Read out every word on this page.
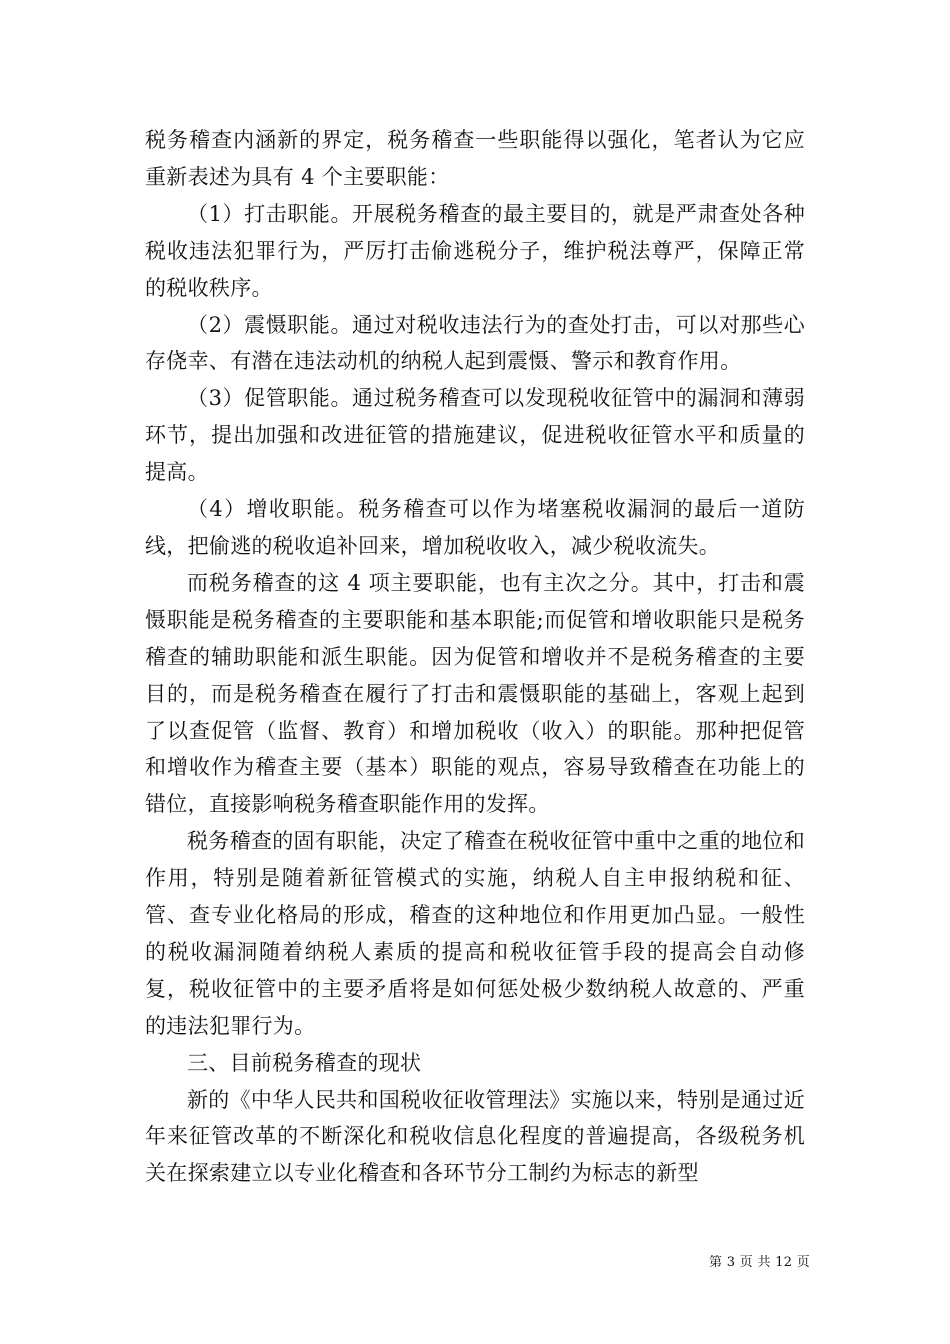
税务稽查内涵新的界定，税务稽查一些职能得以强化，笔者认为它应重新表述为具有 4 个主要职能：

（1）打击职能。开展税务稽查的最主要目的，就是严肃查处各种税收违法犯罪行为，严厉打击偷逃税分子，维护税法尊严，保障正常的税收秩序。

（2）震慑职能。通过对税收违法行为的查处打击，可以对那些心存侥幸、有潜在违法动机的纳税人起到震慑、警示和教育作用。

（3）促管职能。通过税务稽查可以发现税收征管中的漏洞和薄弱环节，提出加强和改进征管的措施建议，促进税收征管水平和质量的提高。

（4）增收职能。税务稽查可以作为堵塞税收漏洞的最后一道防线，把偷逃的税收追补回来，增加税收收入，减少税收流失。

而税务稽查的这 4 项主要职能，也有主次之分。其中，打击和震慑职能是税务稽查的主要职能和基本职能;而促管和增收职能只是税务稽查的辅助职能和派生职能。因为促管和增收并不是税务稽查的主要目的，而是税务稽查在履行了打击和震慑职能的基础上，客观上起到了以查促管（监督、教育）和增加税收（收入）的职能。那种把促管和增收作为稽查主要（基本）职能的观点，容易导致稽查在功能上的错位，直接影响税务稽查职能作用的发挥。

税务稽查的固有职能，决定了稽查在税收征管中重中之重的地位和作用，特别是随着新征管模式的实施，纳税人自主申报纳税和征、管、查专业化格局的形成，稽查的这种地位和作用更加凸显。一般性的税收漏洞随着纳税人素质的提高和税收征管手段的提高会自动修复，税收征管中的主要矛盾将是如何惩处极少数纳税人故意的、严重的违法犯罪行为。

三、目前税务稽查的现状

新的《中华人民共和国税收征收管理法》实施以来，特别是通过近年来征管改革的不断深化和税收信息化程度的普遍提高，各级税务机关在探索建立以专业化稽查和各环节分工制约为标志的新型

第 3 页 共 12 页
